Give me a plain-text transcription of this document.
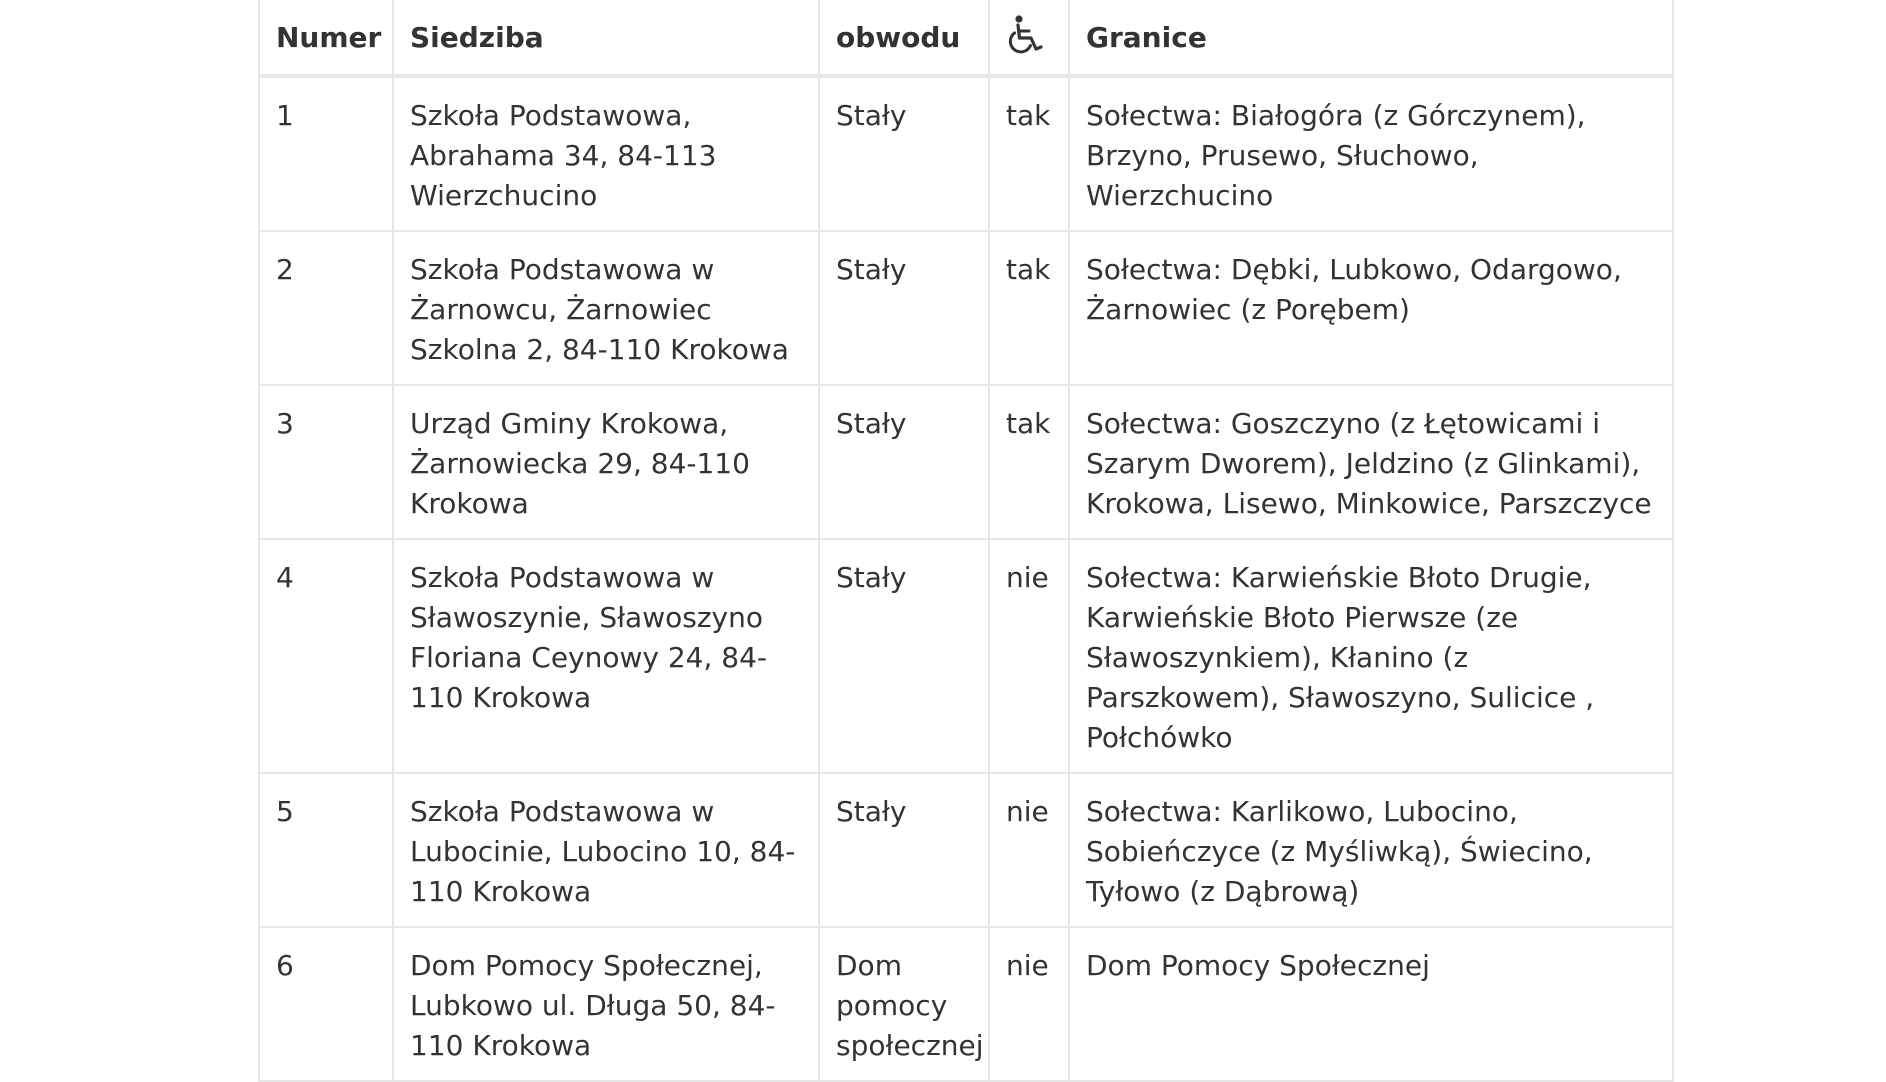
Numer	Siedziba	obwodu		Granice
1	Szkoła Podstawowa, Abrahama 34, 84-113 Wierzchucino	Stały	tak	Sołectwa: Białogóra (z Górczynem), Brzyno, Prusewo, Słuchowo, Wierzchucino
2	Szkoła Podstawowa w Żarnowcu, Żarnowiec Szkolna 2, 84-110 Krokowa	Stały	tak	Sołectwa: Dębki, Lubkowo, Odargowo, Żarnowiec (z Porębem)
3	Urząd Gminy Krokowa, Żarnowiecka 29, 84-110 Krokowa	Stały	tak	Sołectwa: Goszczyno (z Łętowicami i Szarym Dworem), Jeldzino (z Glinkami), Krokowa, Lisewo, Minkowice, Parszczyce
4	Szkoła Podstawowa w Sławoszynie, Sławoszyno Floriana Ceynowy 24, 84-110 Krokowa	Stały	nie	Sołectwa: Karwieńskie Błoto Drugie, Karwieńskie Błoto Pierwsze (ze Sławoszynkiem), Kłanino (z Parszkowem), Sławoszyno, Sulicice , Połchówko
5	Szkoła Podstawowa w Lubocinie, Lubocino 10, 84-110 Krokowa	Stały	nie	Sołectwa: Karlikowo, Lubocino, Sobieńczyce (z Myśliwką), Świecino, Tyłowo (z Dąbrową)
6	Dom Pomocy Społecznej, Lubkowo ul. Długa 50, 84-110 Krokowa	Dom pomocy społecznej	nie	Dom Pomocy Społecznej
